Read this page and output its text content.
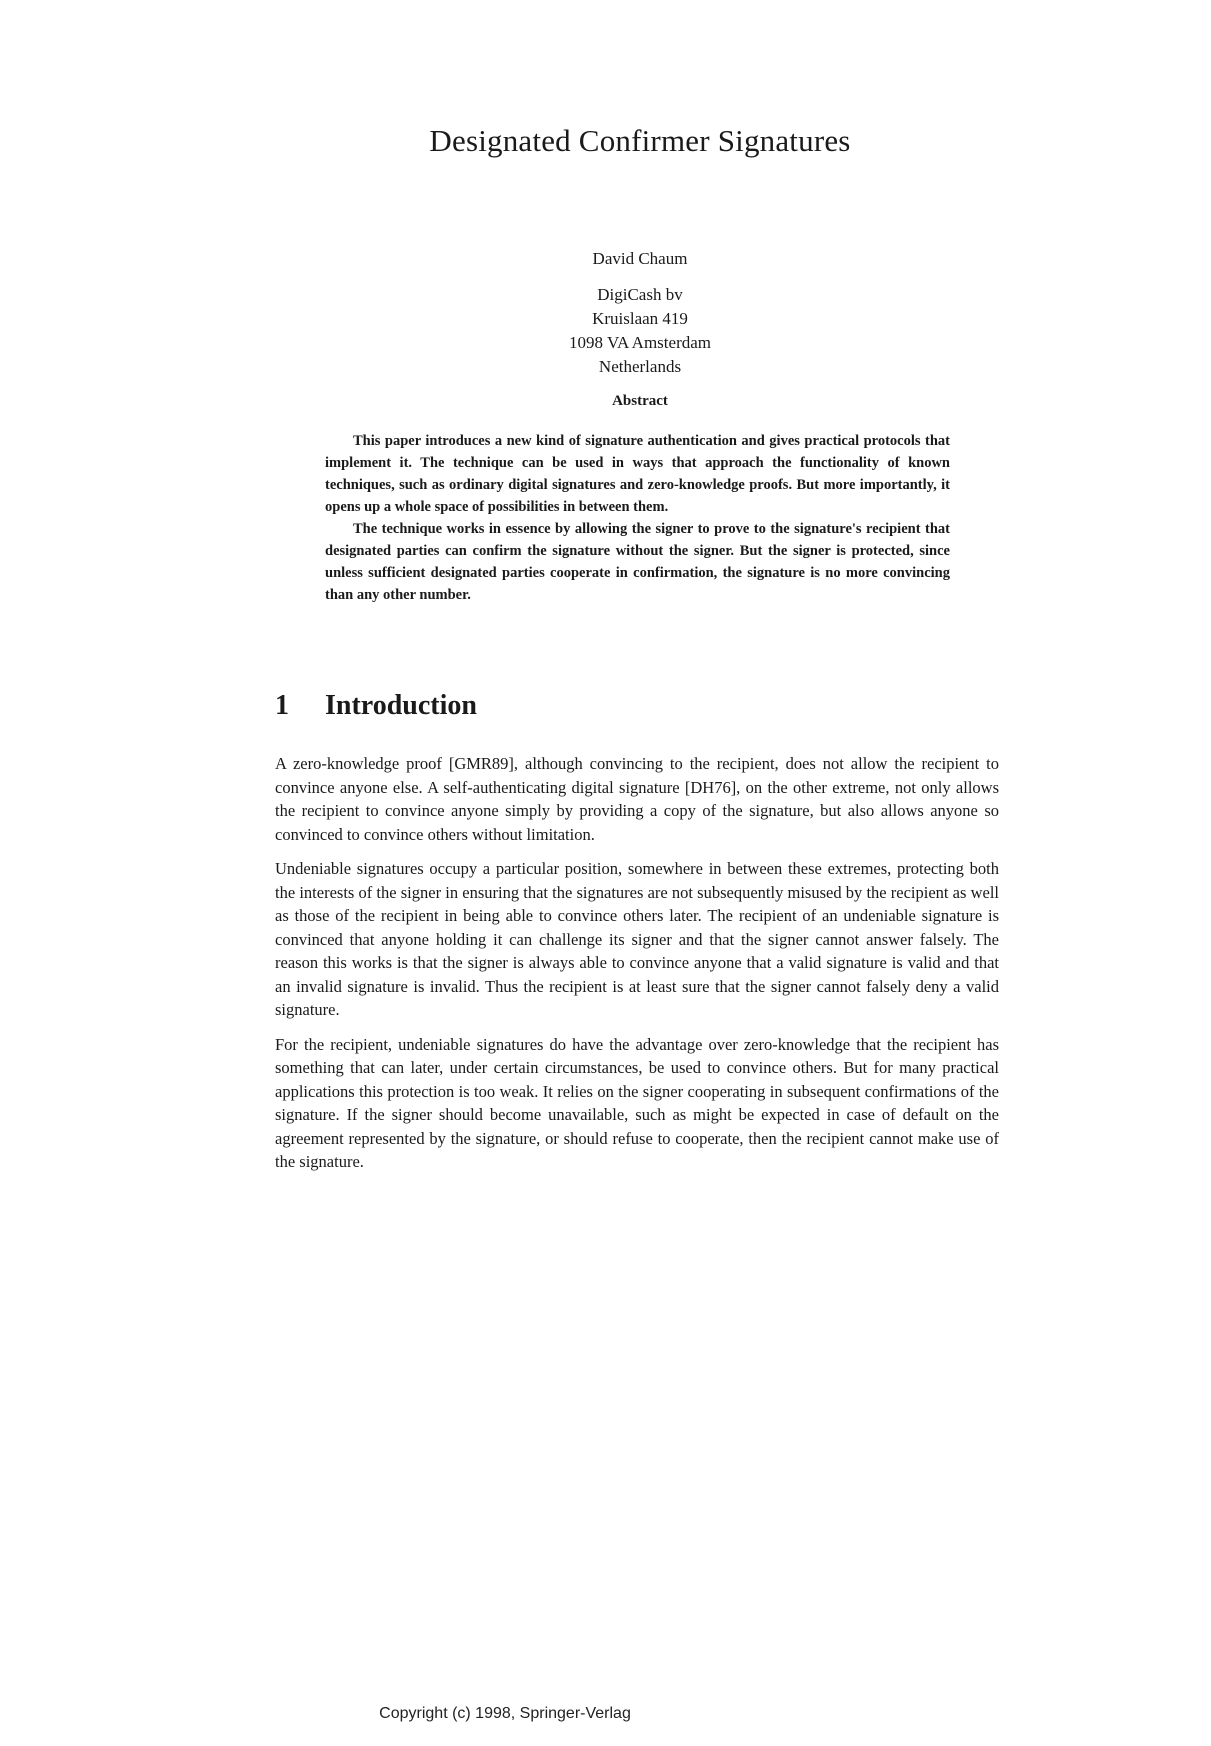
Designated Confirmer Signatures
David Chaum
DigiCash bv
Kruislaan 419
1098 VA Amsterdam
Netherlands
Abstract

This paper introduces a new kind of signature authentication and gives practical protocols that implement it. The technique can be used in ways that approach the functionality of known techniques, such as ordinary digital signatures and zero-knowledge proofs. But more importantly, it opens up a whole space of possibilities in between them.

The technique works in essence by allowing the signer to prove to the signature's recipient that designated parties can confirm the signature without the signer. But the signer is protected, since unless sufficient designated parties cooperate in confirmation, the signature is no more convincing than any other number.

1 Introduction

A zero-knowledge proof [GMR89], although convincing to the recipient, does not allow the recipient to convince anyone else. A self-authenticating digital signature [DH76], on the other extreme, not only allows the recipient to convince anyone simply by providing a copy of the signature, but also allows anyone so convinced to convince others without limitation.

Undeniable signatures occupy a particular position, somewhere in between these extremes, protecting both the interests of the signer in ensuring that the signatures are not subsequently misused by the recipient as well as those of the recipient in being able to convince others later. The recipient of an undeniable signature is convinced that anyone holding it can challenge its signer and that the signer cannot answer falsely. The reason this works is that the signer is always able to convince anyone that a valid signature is valid and that an invalid signature is invalid. Thus the recipient is at least sure that the signer cannot falsely deny a valid signature.

For the recipient, undeniable signatures do have the advantage over zero-knowledge that the recipient has something that can later, under certain circumstances, be used to convince others. But for many practical applications this protection is too weak. It relies on the signer cooperating in subsequent confirmations of the signature. If the signer should become unavailable, such as might be expected in case of default on the agreement represented by the signature, or should refuse to cooperate, then the recipient cannot make use of the signature.

Copyright (c) 1998, Springer-Verlag
